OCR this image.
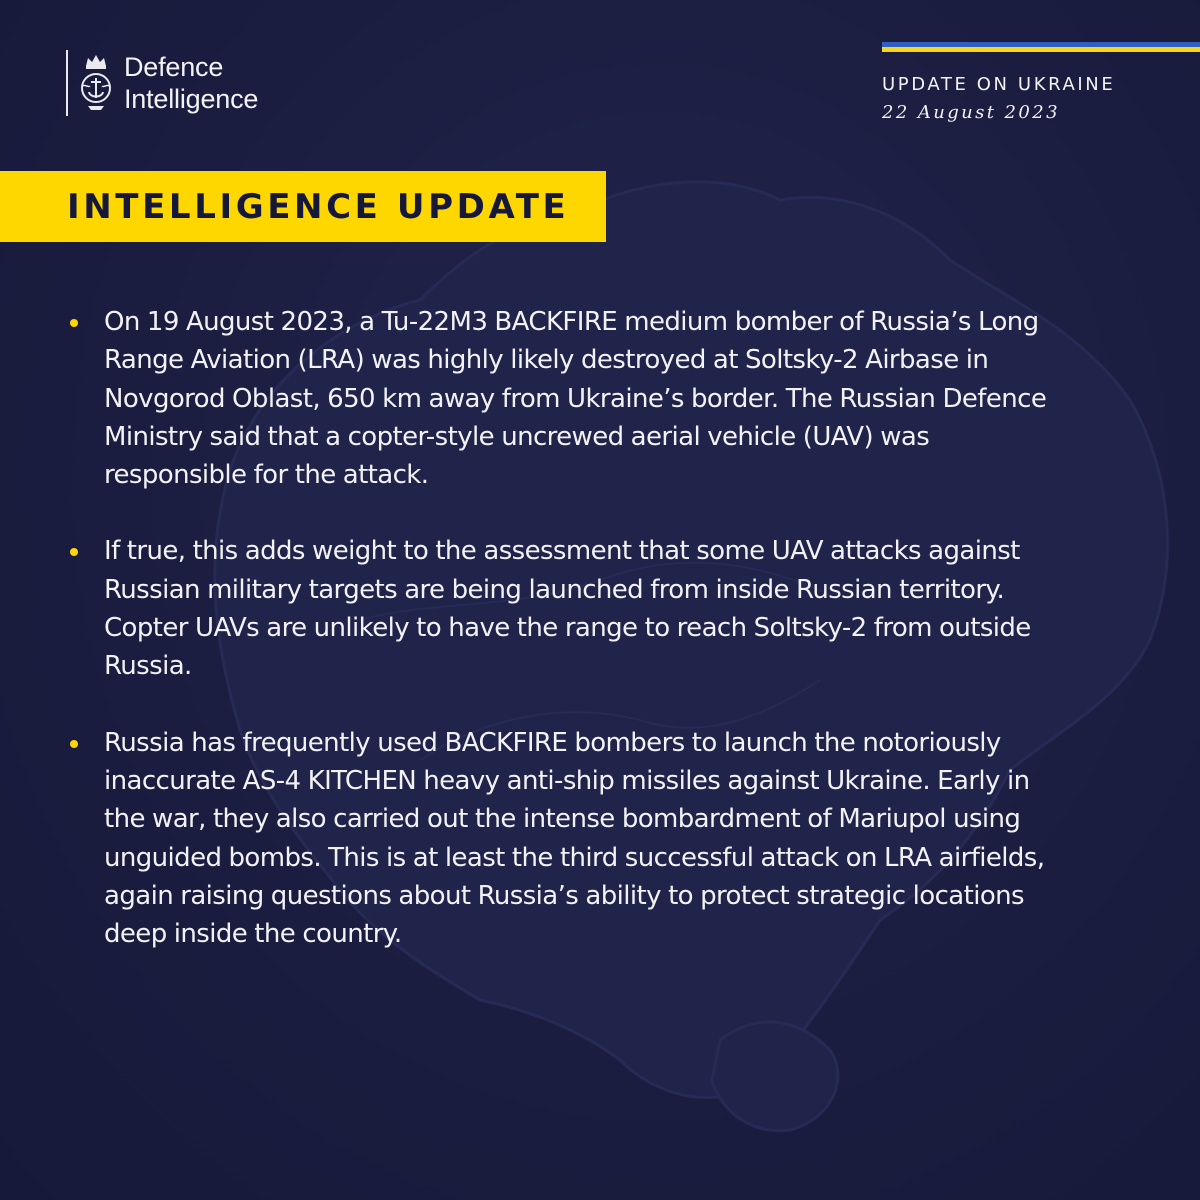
Defence
Intelligence	UPDATE ON UKRAINE
22 August 2023
INTELLIGENCE UPDATE
On 19 August 2023, a Tu-22M3 BACKFIRE medium bomber of Russia’s Long Range Aviation (LRA) was highly likely destroyed at Soltsky-2 Airbase in Novgorod Oblast, 650 km away from Ukraine’s border. The Russian Defence Ministry said that a copter-style uncrewed aerial vehicle (UAV) was responsible for the attack.
If true, this adds weight to the assessment that some UAV attacks against Russian military targets are being launched from inside Russian territory. Copter UAVs are unlikely to have the range to reach Soltsky-2 from outside Russia.
Russia has frequently used BACKFIRE bombers to launch the notoriously inaccurate AS-4 KITCHEN heavy anti-ship missiles against Ukraine. Early in the war, they also carried out the intense bombardment of Mariupol using unguided bombs. This is at least the third successful attack on LRA airfields, again raising questions about Russia’s ability to protect strategic locations deep inside the country.
